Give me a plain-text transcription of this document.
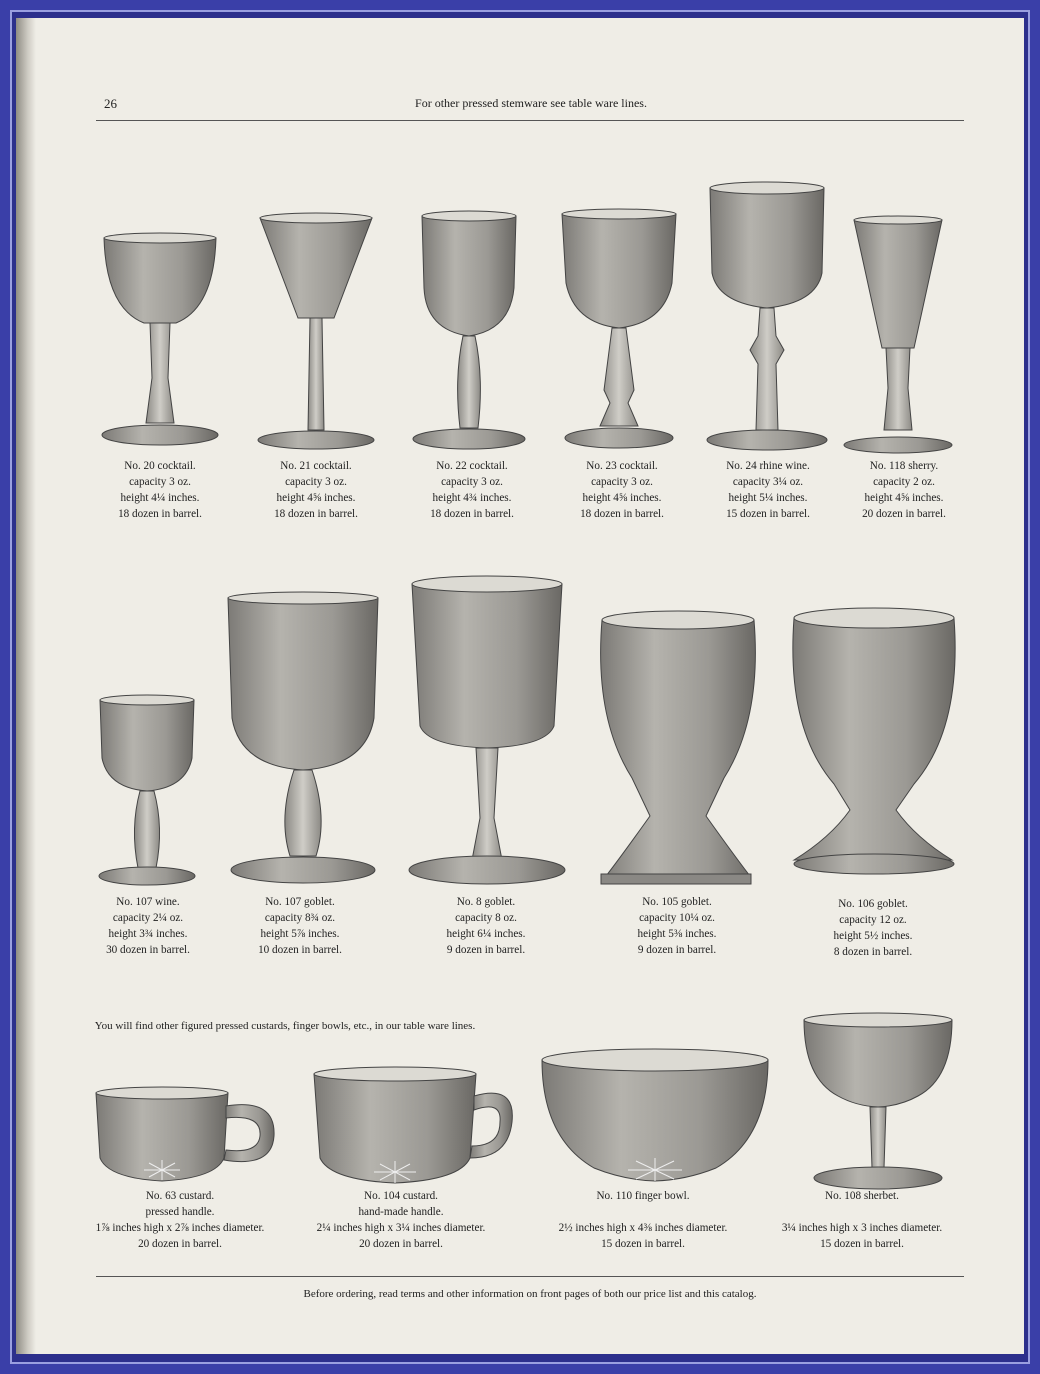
26	For other pressed stemware see table ware lines.
No. 20 cocktail.
capacity 3 oz.
height 4¼ inches.
18 dozen in barrel.
No. 21 cocktail.
capacity 3 oz.
height 4⅝ inches.
18 dozen in barrel.
No. 22 cocktail.
capacity 3 oz.
height 4¾ inches.
18 dozen in barrel.
No. 23 cocktail.
capacity 3 oz.
height 4⅝ inches.
18 dozen in barrel.
No. 24 rhine wine.
capacity 3¼ oz.
height 5¼ inches.
15 dozen in barrel.
No. 118 sherry.
capacity 2 oz.
height 4⅝ inches.
20 dozen in barrel.
No. 107 wine.
capacity 2¼ oz.
height 3¾ inches.
30 dozen in barrel.
No. 107 goblet.
capacity 8¾ oz.
height 5⅞ inches.
10 dozen in barrel.
No. 8 goblet.
capacity 8 oz.
height 6¼ inches.
9 dozen in barrel.
No. 105 goblet.
capacity 10¼ oz.
height 5⅜ inches.
9 dozen in barrel.
No. 106 goblet.
capacity 12 oz.
height 5½ inches.
8 dozen in barrel.
You will find other figured pressed custards, finger bowls, etc., in our table ware lines.
No. 63 custard.
pressed handle.
1⅞ inches high x 2⅞ inches diameter.
20 dozen in barrel.
No. 104 custard.
hand-made handle.
2¼ inches high x 3¼ inches diameter.
20 dozen in barrel.
No. 110 finger bowl.
2½ inches high x 4⅜ inches diameter.
15 dozen in barrel.
No. 108 sherbet.
3¼ inches high x 3 inches diameter.
15 dozen in barrel.
Before ordering, read terms and other information on front pages of both our price list and this catalog.
